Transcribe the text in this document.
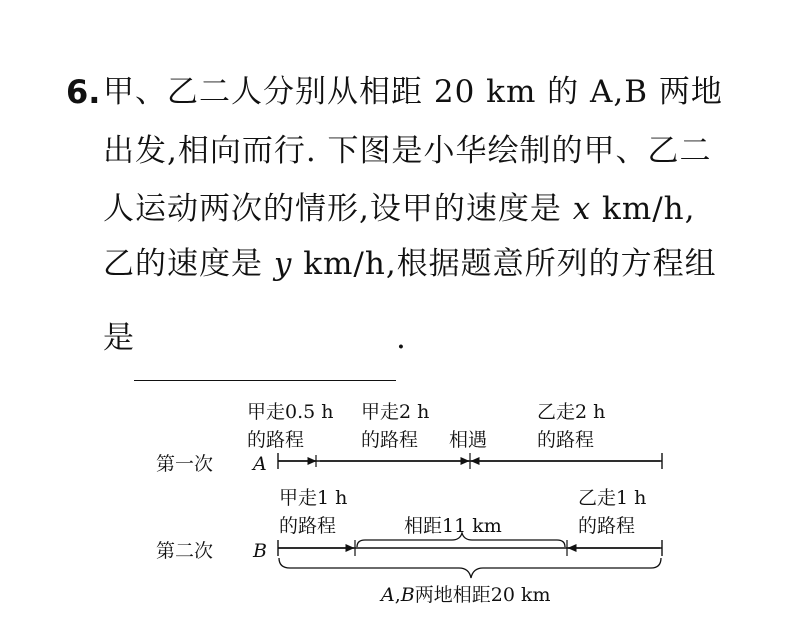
6. 甲、乙二人分别从相距 20 km 的 A,B 两地
出发,相向而行. 下图是小华绘制的甲、乙二
人运动两次的情形,设甲的速度是 x km/h,
乙的速度是 y km/h,根据题意所列的方程组
是	.
甲走0.5 h
的路程
甲走2 h
的路程 相遇
乙走2 h
的路程
第一次 A
甲走1 h
的路程	相距11 km
乙走1 h
的路程
第二次 B
A,B两地相距20 km
